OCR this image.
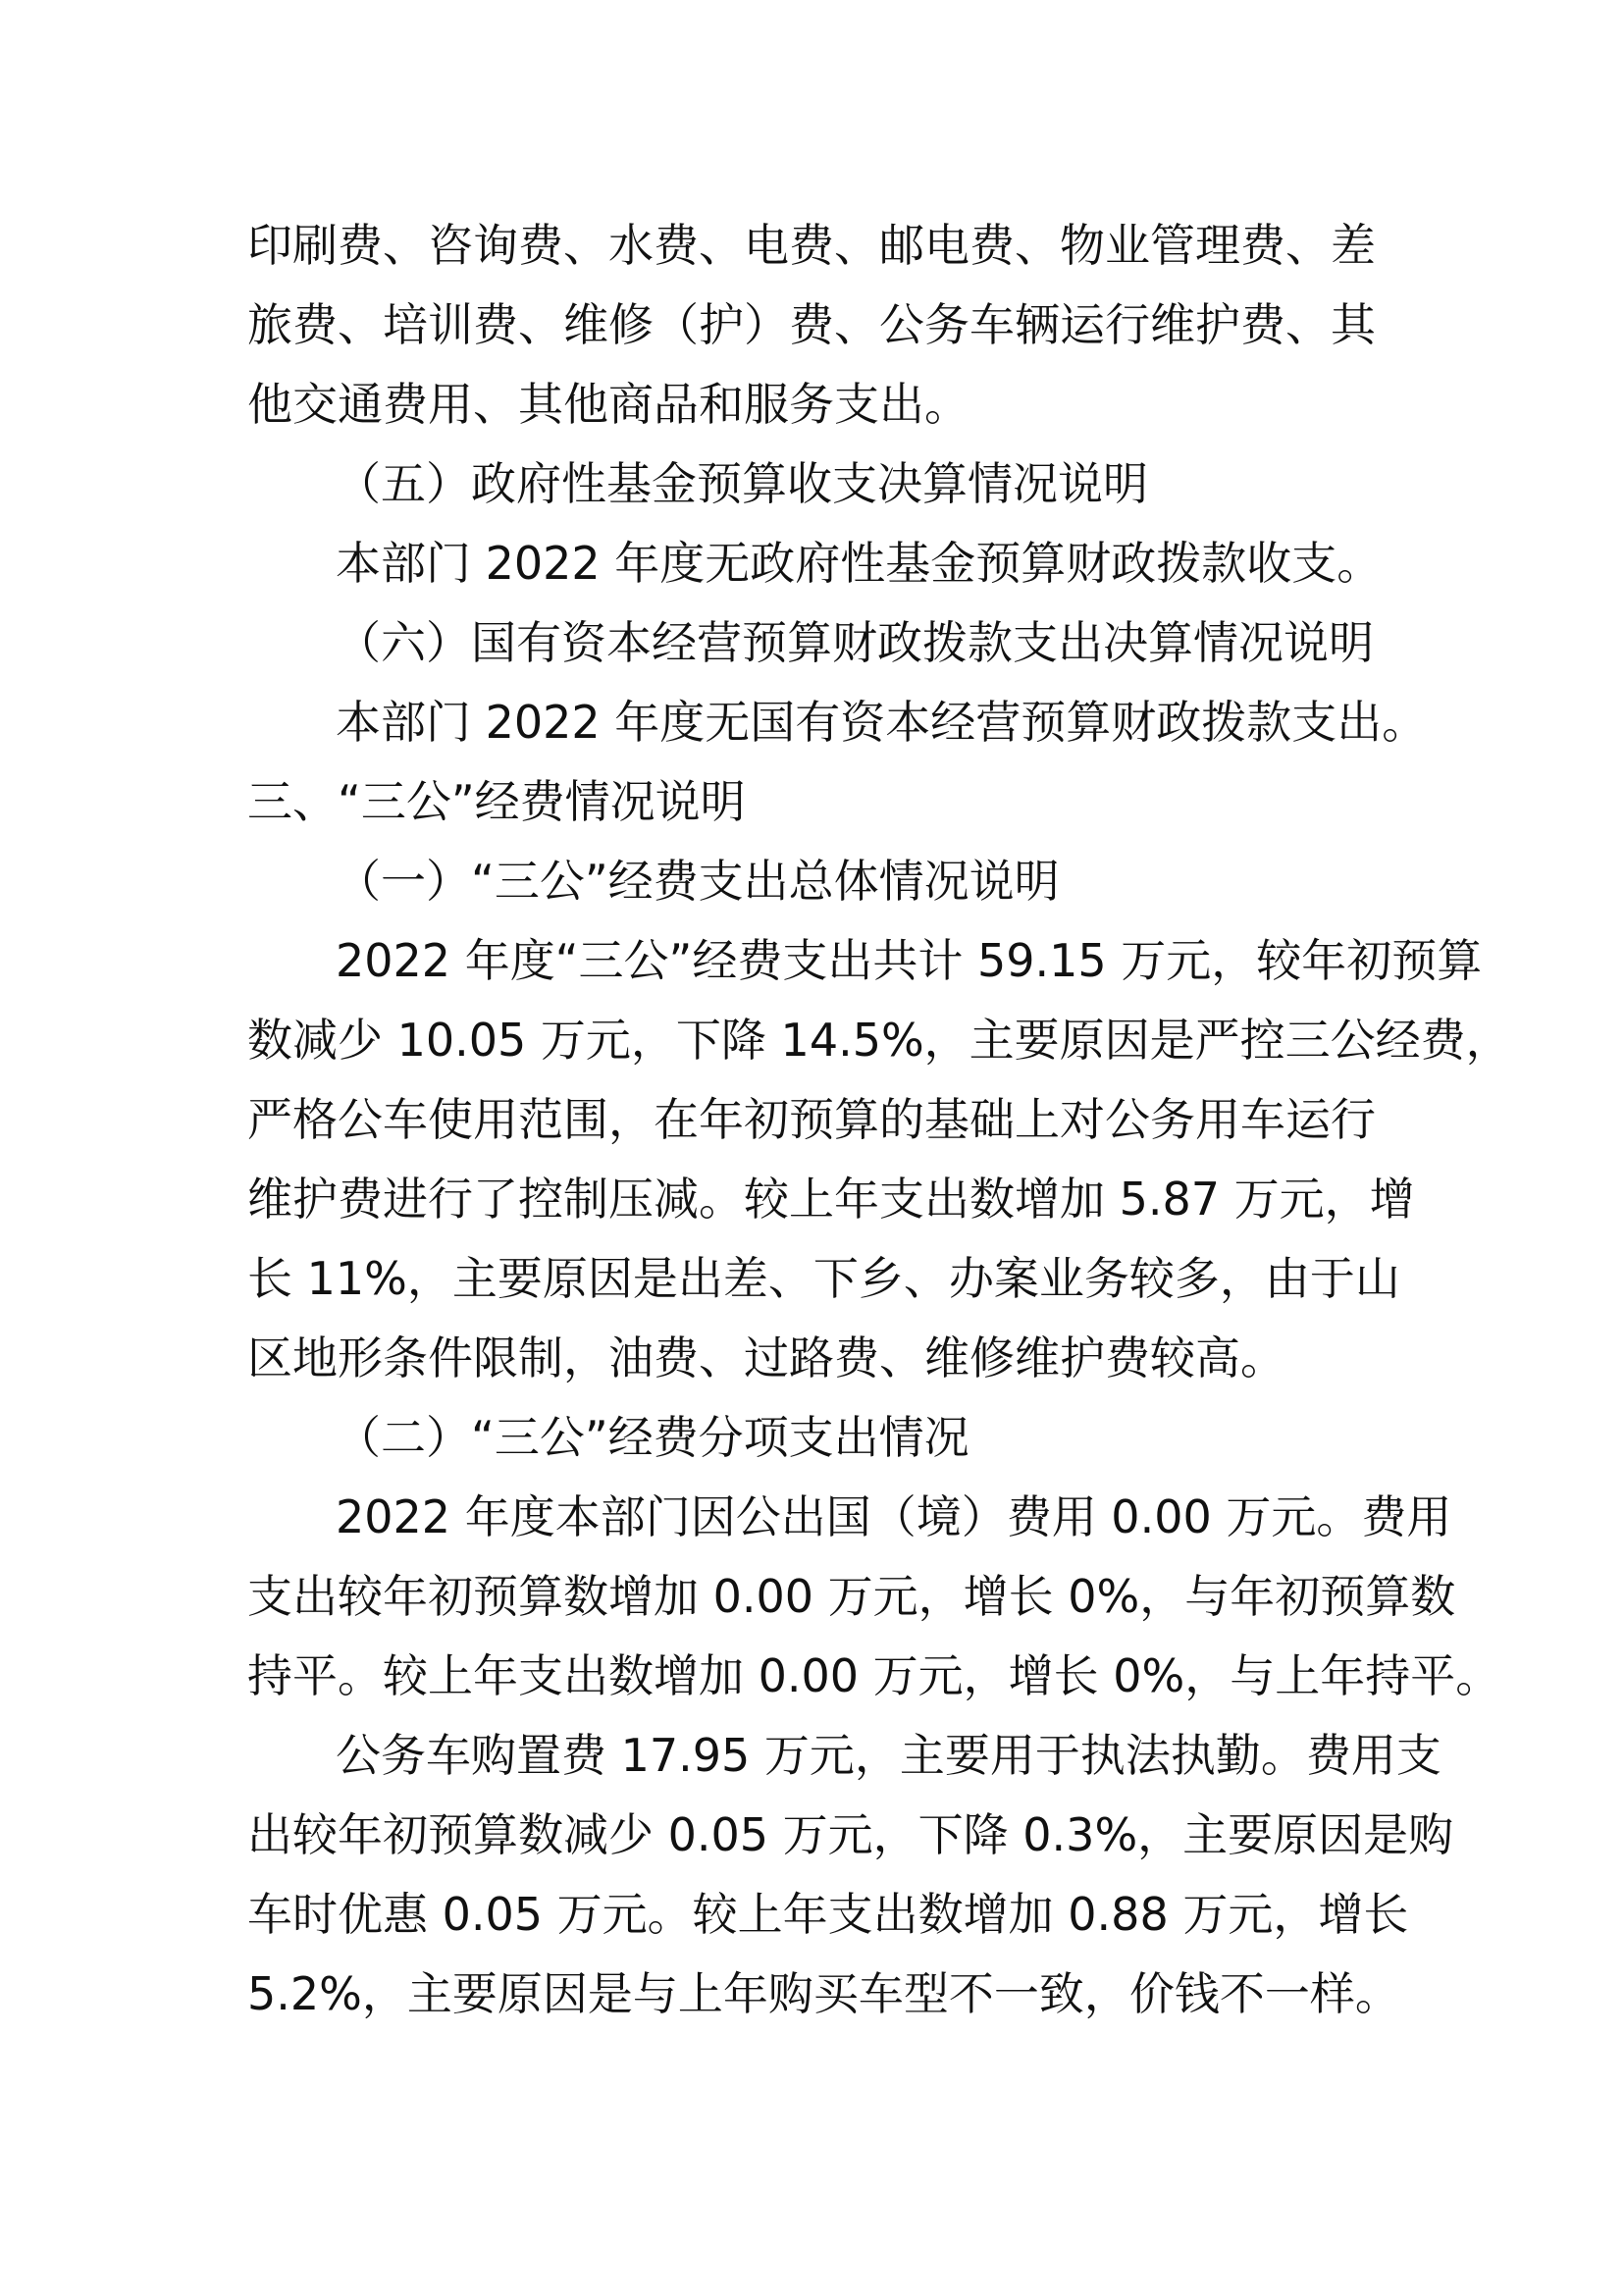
印刷费、咨询费、水费、电费、邮电费、物业管理费、差
旅费、培训费、维修（护）费、公务车辆运行维护费、其
他交通费用、其他商品和服务支出。
（五）政府性基金预算收支决算情况说明
本部门 2022 年度无政府性基金预算财政拨款收支。
（六）国有资本经营预算财政拨款支出决算情况说明
本部门 2022 年度无国有资本经营预算财政拨款支出。
三、“三公”经费情况说明
（一）“三公”经费支出总体情况说明
2022 年度“三公”经费支出共计 59.15 万元，较年初预算
数减少 10.05 万元，下降 14.5%，主要原因是严控三公经费，
严格公车使用范围，在年初预算的基础上对公务用车运行
维护费进行了控制压减。较上年支出数增加 5.87 万元，增
长 11%，主要原因是出差、下乡、办案业务较多，由于山
区地形条件限制，油费、过路费、维修维护费较高。
（二）“三公”经费分项支出情况
2022 年度本部门因公出国（境）费用 0.00 万元。费用
支出较年初预算数增加 0.00 万元，增长 0%，与年初预算数
持平。较上年支出数增加 0.00 万元，增长 0%，与上年持平。
公务车购置费 17.95 万元，主要用于执法执勤。费用支
出较年初预算数减少 0.05 万元，下降 0.3%，主要原因是购
车时优惠 0.05 万元。较上年支出数增加 0.88 万元，增长
5.2%，主要原因是与上年购买车型不一致，价钱不一样。
